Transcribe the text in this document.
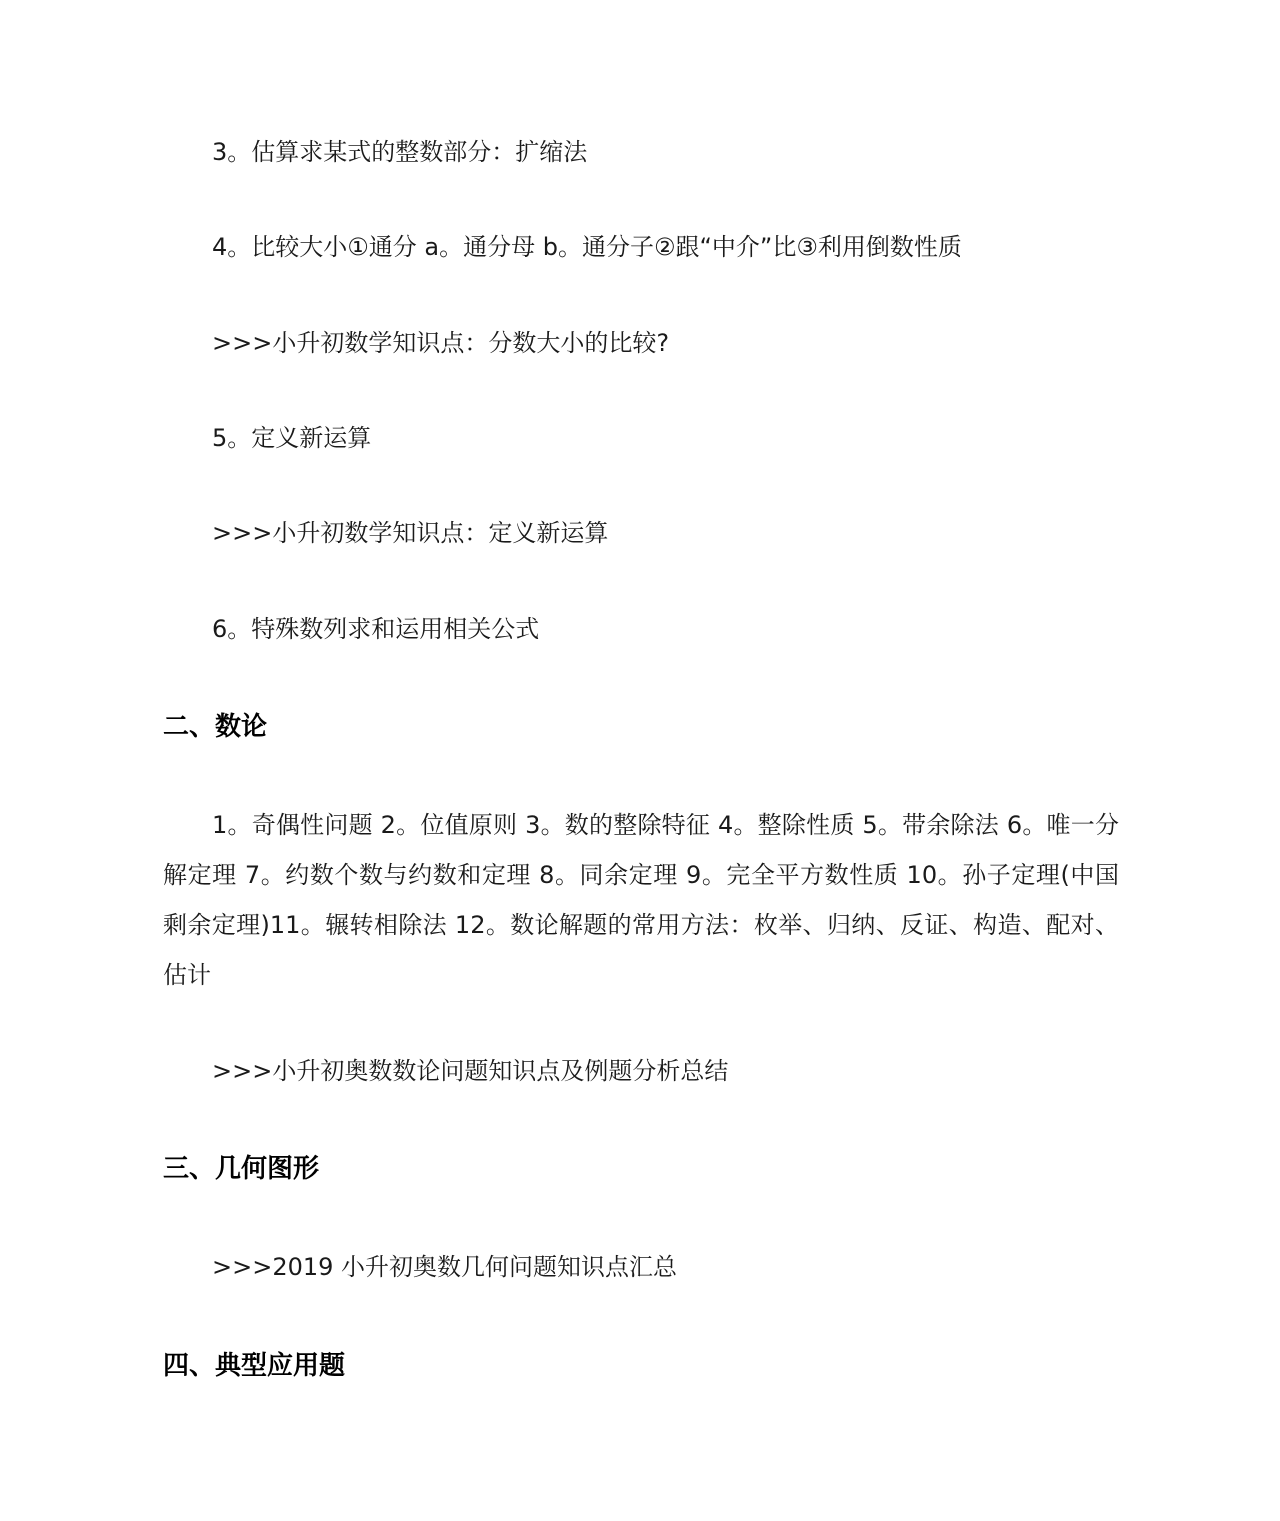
3。估算求某式的整数部分：扩缩法
4。比较大小①通分 a。通分母 b。通分子②跟“中介”比③利用倒数性质
>>>小升初数学知识点：分数大小的比较?
5。定义新运算
>>>小升初数学知识点：定义新运算
6。特殊数列求和运用相关公式
二、数论
1。奇偶性问题 2。位值原则 3。数的整除特征 4。整除性质 5。带余除法 6。唯一分解定理 7。约数个数与约数和定理 8。同余定理 9。完全平方数性质 10。孙子定理(中国剩余定理)11。辗转相除法 12。数论解题的常用方法：枚举、归纳、反证、构造、配对、估计
>>>小升初奥数数论问题知识点及例题分析总结
三、几何图形
>>>2019 小升初奥数几何问题知识点汇总
四、典型应用题
